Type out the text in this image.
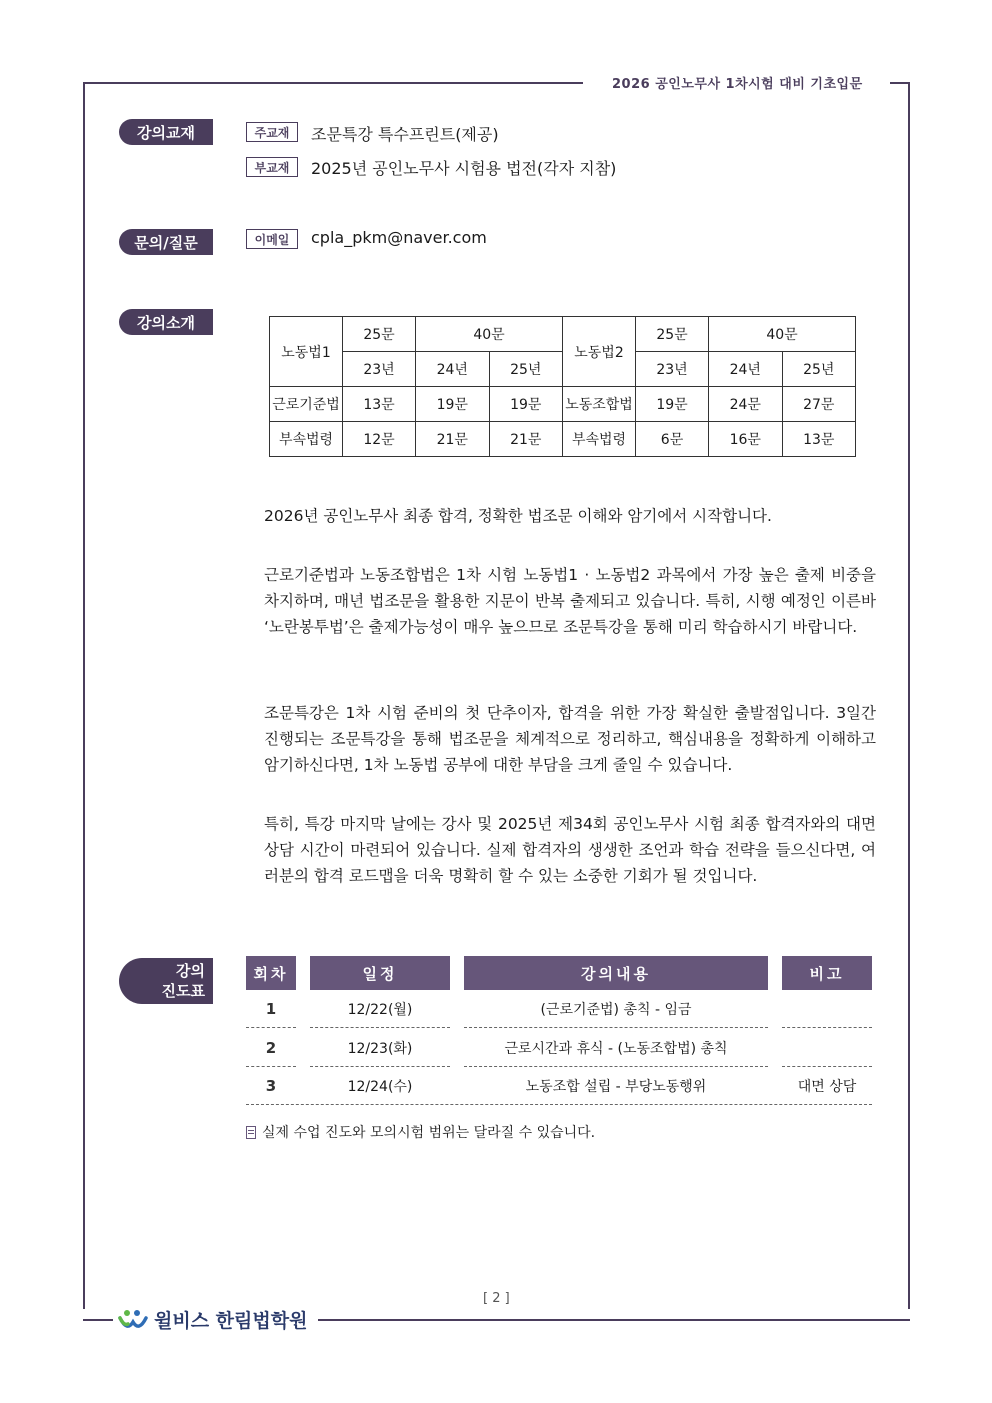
2026 공인노무사 1차시험 대비 기초입문
강의교재	주교재	조문특강 특수프린트(제공)
부교재	2025년 공인노무사 시험용 법전(각자 지참)
문의/질문	이메일	cpla_pkm@naver.com
강의소개
노동법1	25문	40문		노동법2	25문	40문	
	23년	24년	25년		23년	24년	25년
근로기준법	13문	19문	19문	노동조합법	19문	24문	27문
부속법령	12문	21문	21문	부속법령	6문	16문	13문
2026년 공인노무사 최종 합격, 정확한 법조문 이해와 암기에서 시작합니다.
근로기준법과 노동조합법은 1차 시험 노동법1 · 노동법2 과목에서 가장 높은 출제 비중을 차지하며, 매년 법조문을 활용한 지문이 반복 출제되고 있습니다. 특히, 시행 예정인 이른바 ‘노란봉투법’은 출제가능성이 매우 높으므로 조문특강을 통해 미리 학습하시기 바랍니다.
조문특강은 1차 시험 준비의 첫 단추이자, 합격을 위한 가장 확실한 출발점입니다. 3일간 진행되는 조문특강을 통해 법조문을 체계적으로 정리하고, 핵심내용을 정확하게 이해하고 암기하신다면, 1차 노동법 공부에 대한 부담을 크게 줄일 수 있습니다.
특히, 특강 마지막 날에는 강사 및 2025년 제34회 공인노무사 시험 최종 합격자와의 대면 상담 시간이 마련되어 있습니다. 실제 합격자의 생생한 조언과 학습 전략을 들으신다면, 여러분의 합격 로드맵을 더욱 명확히 할 수 있는 소중한 기회가 될 것입니다.
강의
진도표
회차	일정	강의내용	비고
1	12/22(월)	(근로기준법) 총칙 - 임금
2	12/23(화)	근로시간과 휴식 - (노동조합법) 총칙
3	12/24(수)	노동조합 설립 - 부당노동행위	대면 상담
실제 수업 진도와 모의시험 범위는 달라질 수 있습니다.
[ 2 ]
윌비스 한림법학원
